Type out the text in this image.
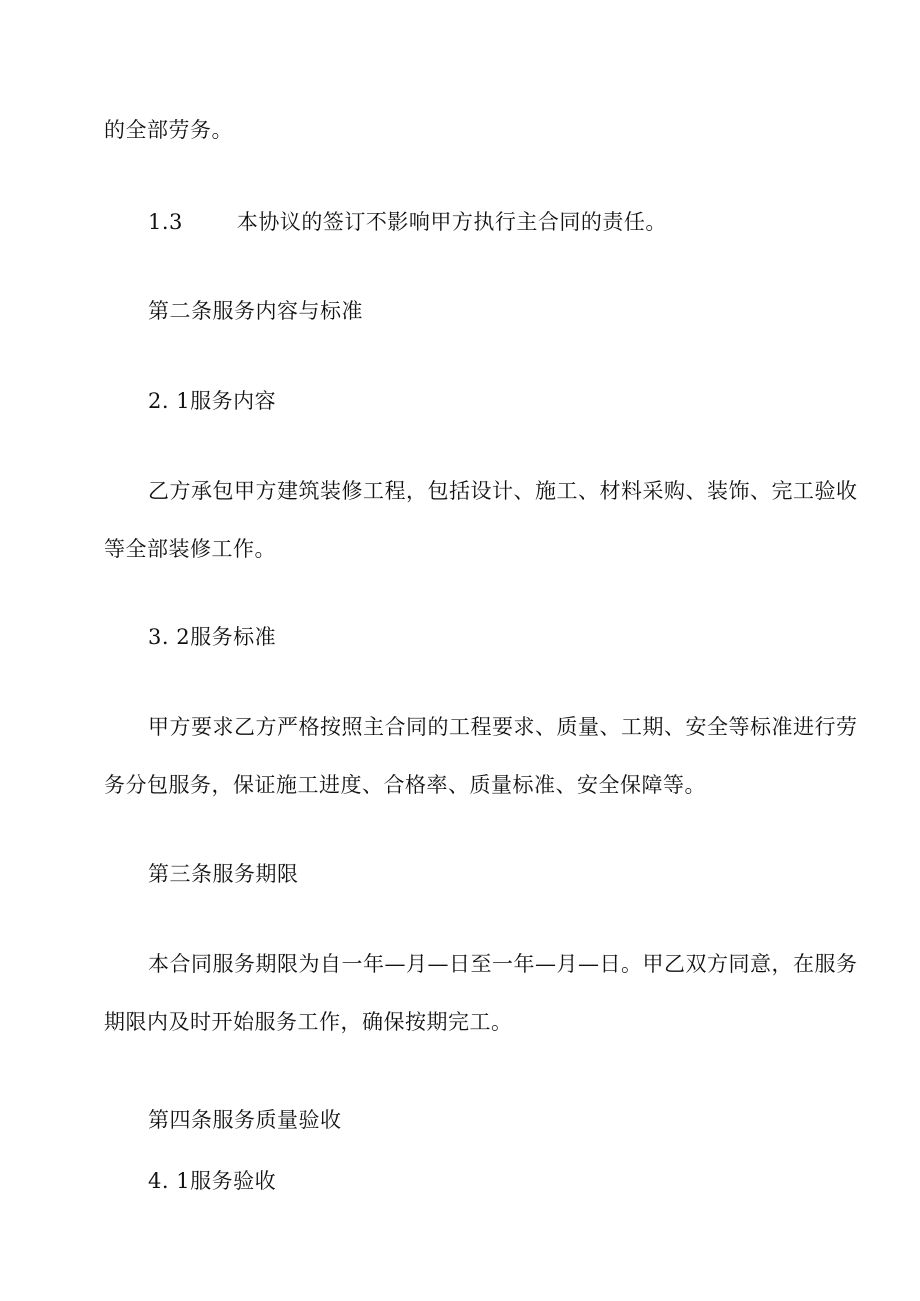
的全部劳务。
1.3	本协议的签订不影响甲方执行主合同的责任。
第二条服务内容与标准
2. 1服务内容
乙方承包甲方建筑装修工程，包括设计、施工、材料采购、装饰、完工验收
等全部装修工作。
3. 2服务标准
甲方要求乙方严格按照主合同的工程要求、质量、工期、安全等标准进行劳
务分包服务，保证施工进度、合格率、质量标准、安全保障等。
第三条服务期限
本合同服务期限为自一年—月—日至一年—月—日。甲乙双方同意，在服务
期限内及时开始服务工作，确保按期完工。
第四条服务质量验收
4. 1服务验收
